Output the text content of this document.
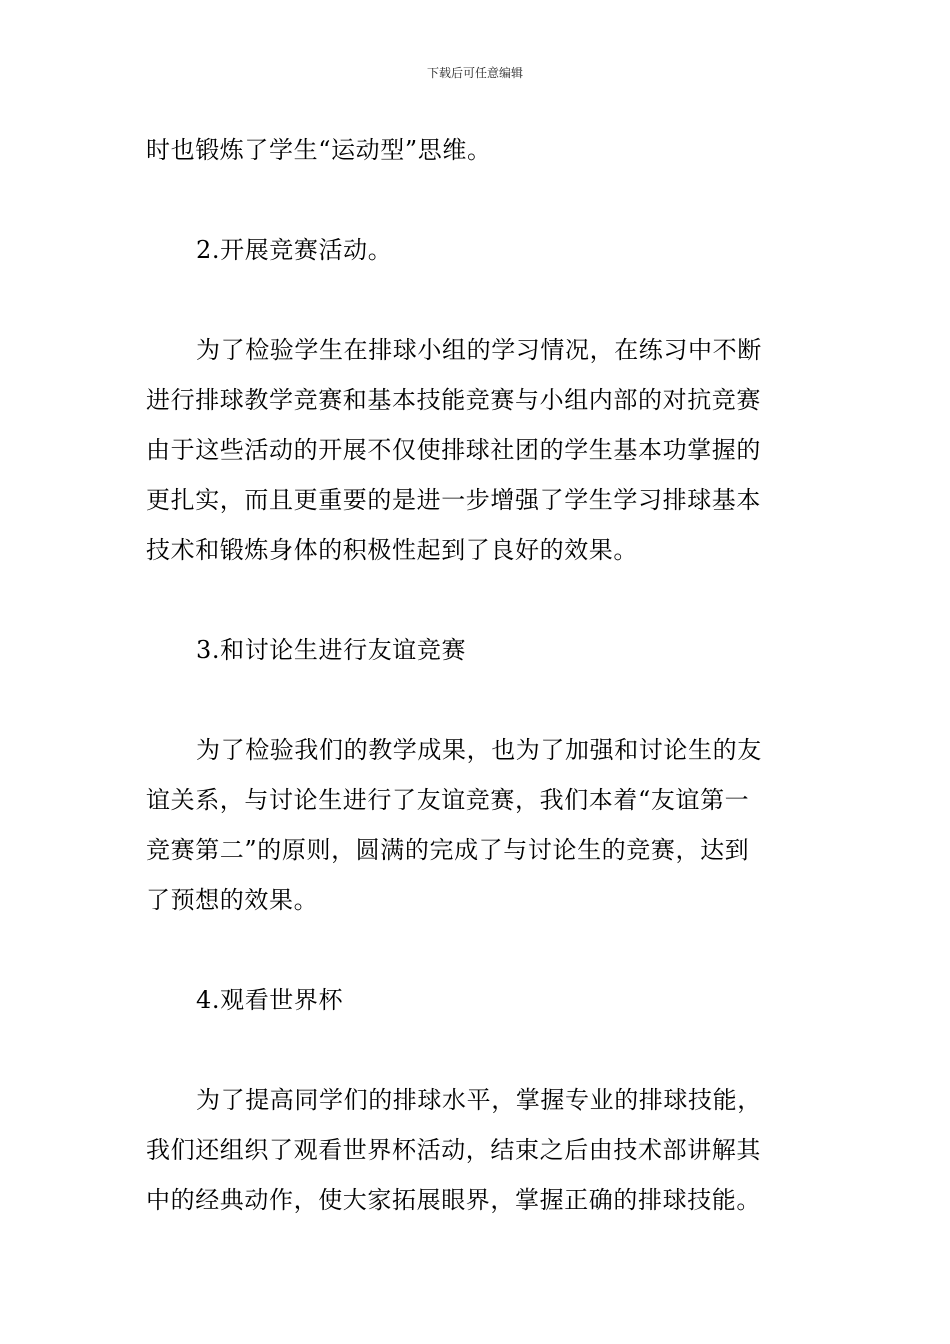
下载后可任意编辑
时也锻炼了学生“运动型”思维。
2.开展竞赛活动。
为了检验学生在排球小组的学习情况，在练习中不断
进行排球教学竞赛和基本技能竞赛与小组内部的对抗竞赛
由于这些活动的开展不仅使排球社团的学生基本功掌握的
更扎实，而且更重要的是进一步增强了学生学习排球基本
技术和锻炼身体的积极性起到了良好的效果。
3.和讨论生进行友谊竞赛
为了检验我们的教学成果，也为了加强和讨论生的友
谊关系，与讨论生进行了友谊竞赛，我们本着“友谊第一
竞赛第二”的原则，圆满的完成了与讨论生的竞赛，达到
了预想的效果。
4.观看世界杯
为了提高同学们的排球水平，掌握专业的排球技能，
我们还组织了观看世界杯活动，结束之后由技术部讲解其
中的经典动作，使大家拓展眼界，掌握正确的排球技能。
